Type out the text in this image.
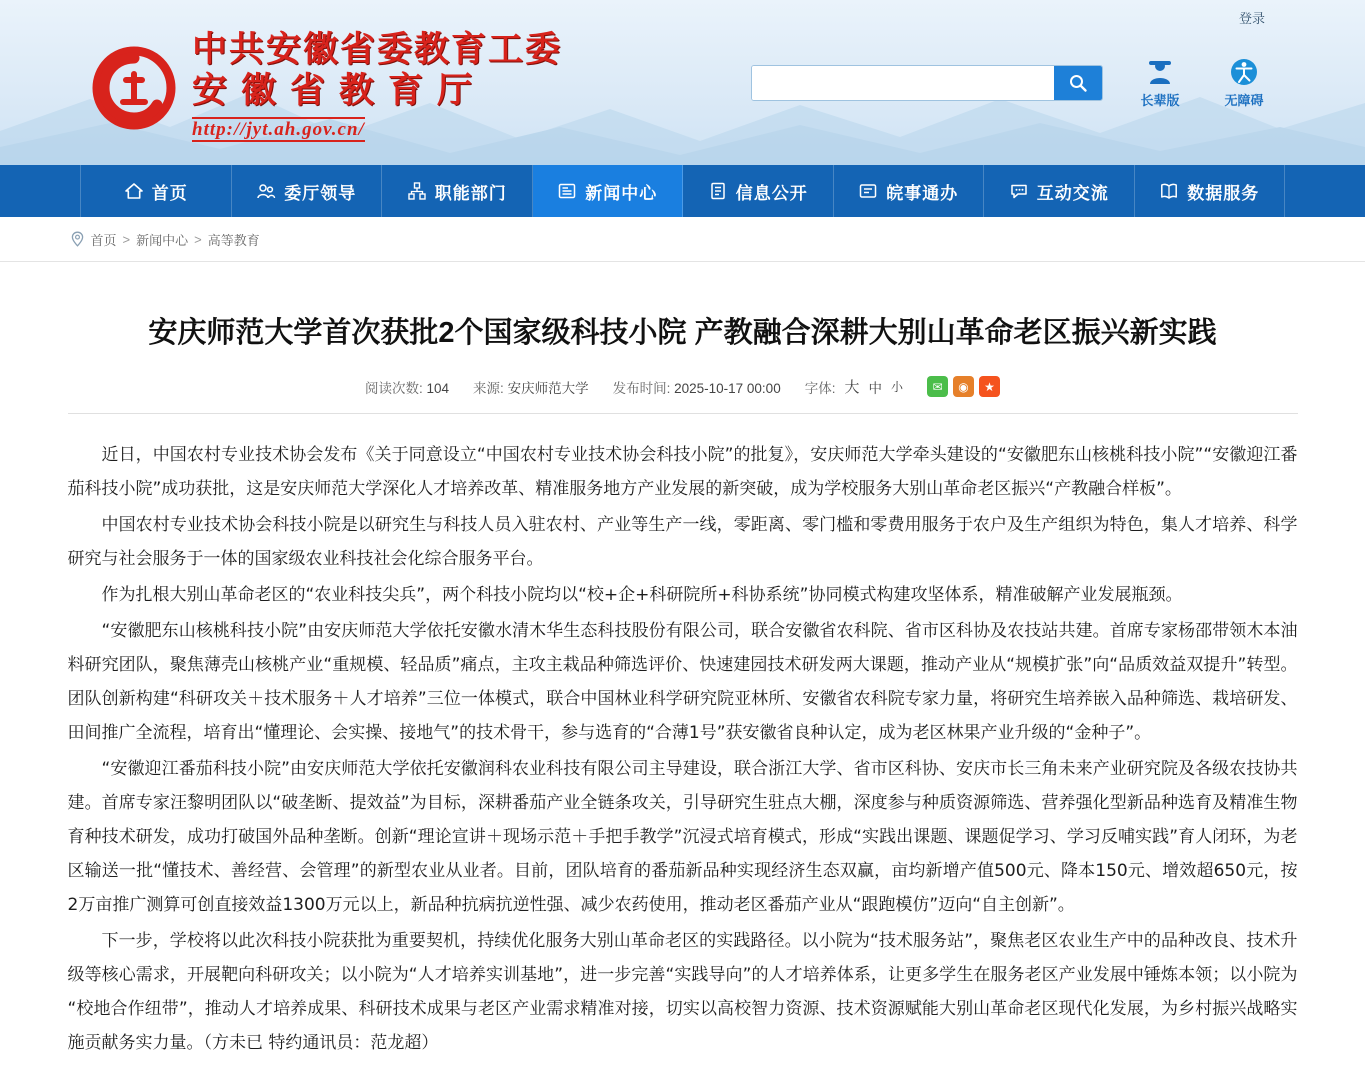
登录
中共安徽省委教育工委
安徽省教育厅
http://jyt.ah.gov.cn/
长辈版	无障碍
首页	委厅领导	职能部门	新闻中心	信息公开	皖事通办	互动交流	数据服务
首页 > 新闻中心 > 高等教育
安庆师范大学首次获批2个国家级科技小院 产教融合深耕大别山革命老区振兴新实践
阅读次数: 104 来源: 安庆师范大学 发布时间: 2025-10-17 00:00 字体: 大 中 小	✉	◉	★

近日，中国农村专业技术协会发布《关于同意设立“中国农村专业技术协会科技小院”的批复》，安庆师范大学牵头建设的“安徽肥东山核桃科技小院”“安徽迎江番茄科技小院”成功获批，这是安庆师范大学深化人才培养改革、精准服务地方产业发展的新突破，成为学校服务大别山革命老区振兴“产教融合样板”。

中国农村专业技术协会科技小院是以研究生与科技人员入驻农村、产业等生产一线，零距离、零门槛和零费用服务于农户及生产组织为特色，集人才培养、科学研究与社会服务于一体的国家级农业科技社会化综合服务平台。

作为扎根大别山革命老区的“农业科技尖兵”，两个科技小院均以“校+企+科研院所+科协系统”协同模式构建攻坚体系，精准破解产业发展瓶颈。

“安徽肥东山核桃科技小院”由安庆师范大学依托安徽水清木华生态科技股份有限公司，联合安徽省农科院、省市区科协及农技站共建。首席专家杨邵带领木本油料研究团队，聚焦薄壳山核桃产业“重规模、轻品质”痛点，主攻主栽品种筛选评价、快速建园技术研发两大课题，推动产业从“规模扩张”向“品质效益双提升”转型。团队创新构建“科研攻关＋技术服务＋人才培养”三位一体模式，联合中国林业科学研究院亚林所、安徽省农科院专家力量，将研究生培养嵌入品种筛选、栽培研发、田间推广全流程，培育出“懂理论、会实操、接地气”的技术骨干，参与选育的“合薄1号”获安徽省良种认定，成为老区林果产业升级的“金种子”。

“安徽迎江番茄科技小院”由安庆师范大学依托安徽润科农业科技有限公司主导建设，联合浙江大学、省市区科协、安庆市长三角未来产业研究院及各级农技协共建。首席专家汪黎明团队以“破垄断、提效益”为目标，深耕番茄产业全链条攻关，引导研究生驻点大棚，深度参与种质资源筛选、营养强化型新品种选育及精准生物育种技术研发，成功打破国外品种垄断。创新“理论宣讲＋现场示范＋手把手教学”沉浸式培育模式，形成“实践出课题、课题促学习、学习反哺实践”育人闭环，为老区输送一批“懂技术、善经营、会管理”的新型农业从业者。目前，团队培育的番茄新品种实现经济生态双赢，亩均新增产值500元、降本150元、增效超650元，按2万亩推广测算可创直接效益1300万元以上，新品种抗病抗逆性强、减少农药使用，推动老区番茄产业从“跟跑模仿”迈向“自主创新”。

下一步，学校将以此次科技小院获批为重要契机，持续优化服务大别山革命老区的实践路径。以小院为“技术服务站”，聚焦老区农业生产中的品种改良、技术升级等核心需求，开展靶向科研攻关；以小院为“人才培养实训基地”，进一步完善“实践导向”的人才培养体系，让更多学生在服务老区产业发展中锤炼本领；以小院为“校地合作纽带”，推动人才培养成果、科研技术成果与老区产业需求精准对接，切实以高校智力资源、技术资源赋能大别山革命老区现代化发展，为乡村振兴战略实施贡献务实力量。（方未已 特约通讯员：范龙超）
